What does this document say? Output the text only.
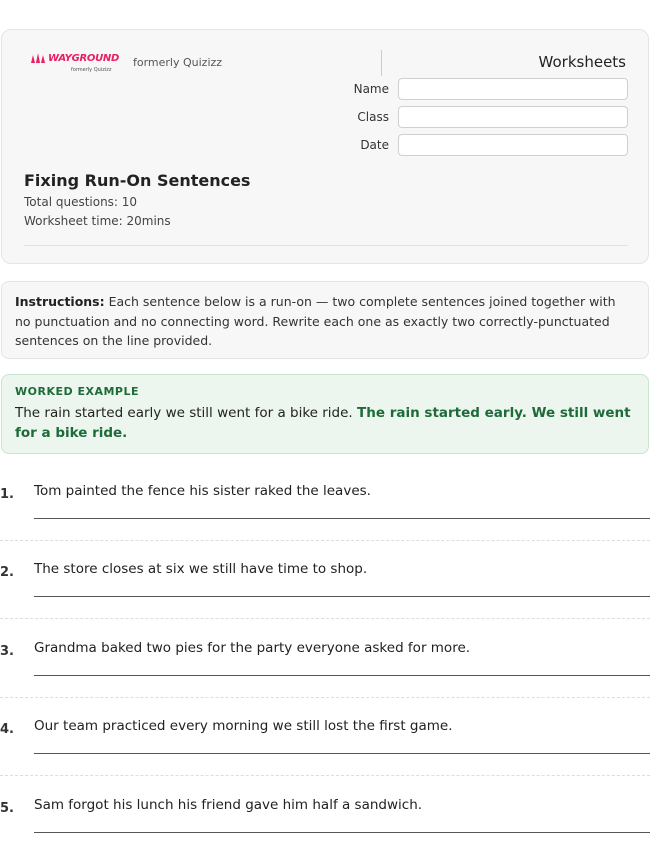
WAYGROUND
formerly Quizizz
formerly Quizizz	Worksheets
Name
Class
Date
Fixing Run-On Sentences
Total questions: 10
Worksheet time: 20mins
Instructions: Each sentence below is a run-on — two complete sentences joined together with no punctuation and no connecting word. Rewrite each one as exactly two correctly-punctuated sentences on the line provided.
WORKED EXAMPLE
The rain started early we still went for a bike ride. The rain started early. We still went for a bike ride.
1. Tom painted the fence his sister raked the leaves.
2. The store closes at six we still have time to shop.
3. Grandma baked two pies for the party everyone asked for more.
4. Our team practiced every morning we still lost the first game.
5. Sam forgot his lunch his friend gave him half a sandwich.
